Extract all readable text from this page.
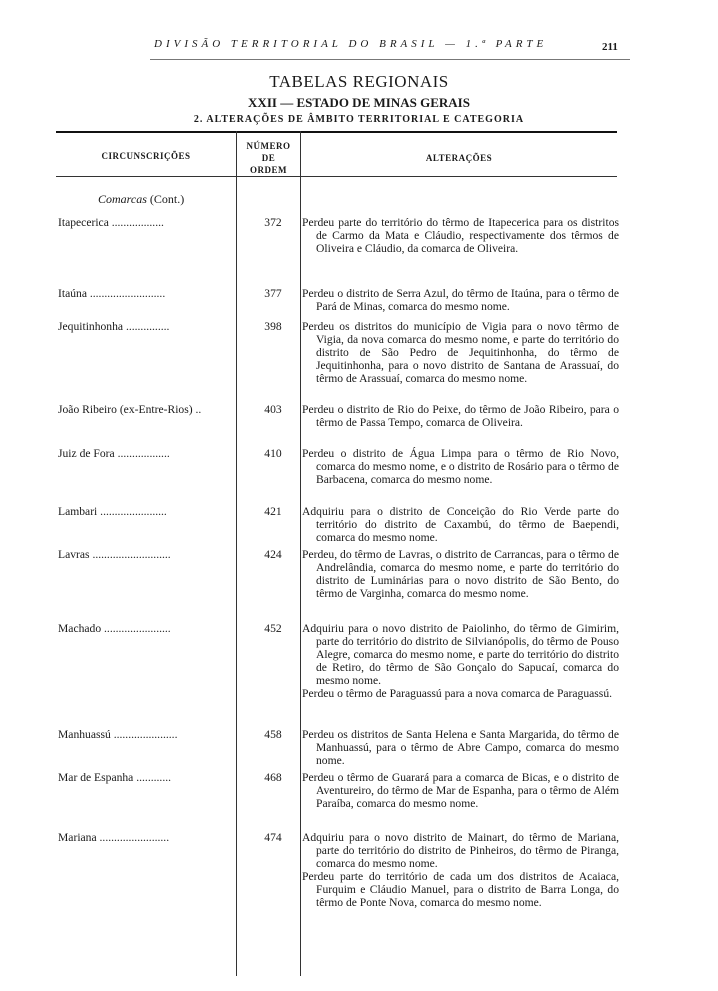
DIVISÃO TERRITORIAL DO BRASIL — 1.ª PARTE	211
TABELAS REGIONAIS
XXII — ESTADO DE MINAS GERAIS
2. ALTERAÇÕES DE ÂMBITO TERRITORIAL E CATEGORIA
CIRCUNSCRIÇÕES
NÚMERO
DE
ORDEM
ALTERAÇÕES
Comarcas (Cont.)
Itapecerica ..................	372	Perdeu parte do território do têrmo de Itapecerica para os distritos de Carmo da Mata e Cláudio, respectivamente dos têrmos de Oliveira e Cláudio, da comarca de Oliveira.

Itaúna ..........................	377	Perdeu o distrito de Serra Azul, do têrmo de Itaúna, para o têrmo de Pará de Minas, comarca do mesmo nome.

Jequitinhonha ...............	398	Perdeu os distritos do município de Vigia para o novo têrmo de Vigia, da nova comarca do mesmo nome, e parte do território do distrito de São Pedro de Jequitinhonha, do têrmo de Jequitinhonha, para o novo distrito de Santana de Arassuaí, do têrmo de Arassuaí, comarca do mesmo nome.

João Ribeiro (ex-Entre-Rios) ..	403	Perdeu o distrito de Rio do Peixe, do têrmo de João Ribeiro, para o têrmo de Passa Tempo, comarca de Oliveira.

Juiz de Fora ..................	410	Perdeu o distrito de Água Limpa para o têrmo de Rio Novo, comarca do mesmo nome, e o distrito de Rosário para o têrmo de Barbacena, comarca do mesmo nome.

Lambari .......................	421	Adquiriu para o distrito de Conceição do Rio Verde parte do território do distrito de Caxambú, do têrmo de Baependi, comarca do mesmo nome.

Lavras ...........................	424	Perdeu, do têrmo de Lavras, o distrito de Carrancas, para o têrmo de Andrelândia, comarca do mesmo nome, e parte do território do distrito de Luminárias para o novo distrito de São Bento, do têrmo de Varginha, comarca do mesmo nome.

Machado .......................	452	Adquiriu para o novo distrito de Paiolinho, do têrmo de Gimirim, parte do território do distrito de Silvianópolis, do têrmo de Pouso Alegre, comarca do mesmo nome, e parte do território do distrito de Retiro, do têrmo de São Gonçalo do Sapucaí, comarca do mesmo nome.

Perdeu o têrmo de Paraguassú para a nova comarca de Paraguassú.

Manhuassú ......................	458	Perdeu os distritos de Santa Helena e Santa Margarida, do têrmo de Manhuassú, para o têrmo de Abre Campo, comarca do mesmo nome.

Mar de Espanha ............	468	Perdeu o têrmo de Guarará para a comarca de Bicas, e o distrito de Aventureiro, do têrmo de Mar de Espanha, para o têrmo de Além Paraíba, comarca do mesmo nome.

Mariana ........................	474	Adquiriu para o novo distrito de Mainart, do têrmo de Mariana, parte do território do distrito de Pinheiros, do têrmo de Piranga, comarca do mesmo nome.

Perdeu parte do território de cada um dos distritos de Acaiaca, Furquim e Cláudio Manuel, para o distrito de Barra Longa, do têrmo de Ponte Nova, comarca do mesmo nome.
